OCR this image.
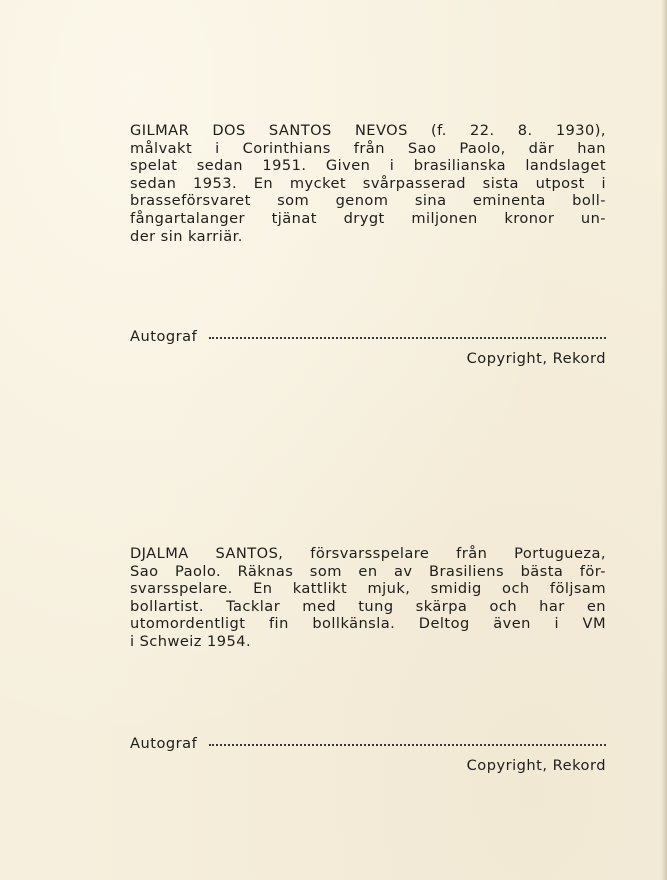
GILMAR DOS SANTOS NEVOS (f. 22. 8. 1930),
målvakt i Corinthians från Sao Paolo, där han
spelat sedan 1951. Given i brasilianska landslaget
sedan 1953. En mycket svårpasserad sista utpost i
brasseförsvaret som genom sina eminenta boll-
fångartalanger tjänat drygt miljonen kronor un-
der sin karriär.
Autograf
Copyright, Rekord
DJALMA SANTOS, försvarsspelare från Portugueza,
Sao Paolo. Räknas som en av Brasiliens bästa för-
svarsspelare. En kattlikt mjuk, smidig och följsam
bollartist. Tacklar med tung skärpa och har en
utomordentligt fin bollkänsla. Deltog även i VM
i Schweiz 1954.
Autograf
Copyright, Rekord
